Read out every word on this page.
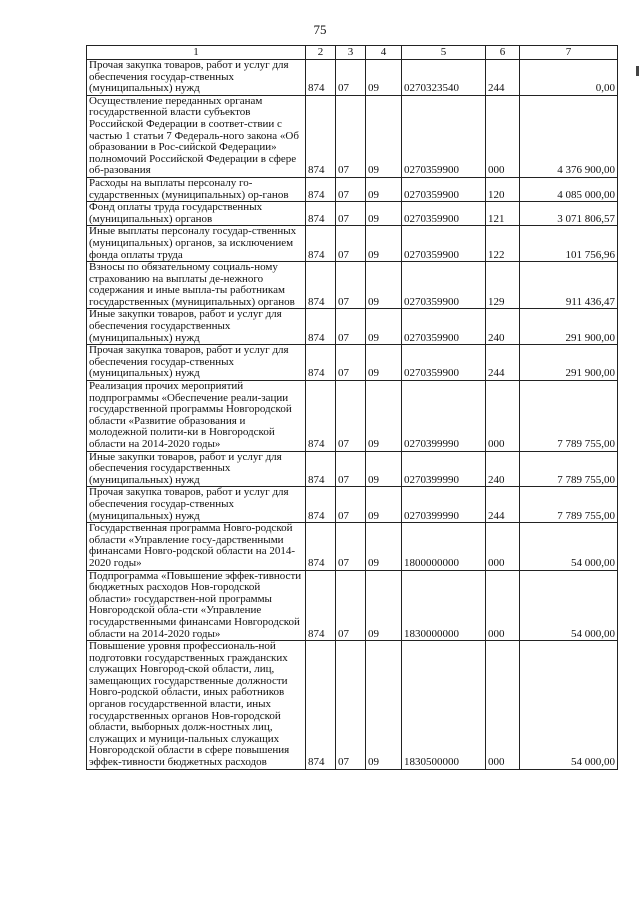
75
1	2	3	4	5	6	7
Прочая закупка товаров, работ и услуг для обеспечения государ-ственных (муниципальных) нужд	874	07	09	0270323540	244	0,00
Осуществление переданных органам государственной власти субъектов Российской Федерации в соответ-ствии с частью 1 статьи 7 Федераль-ного закона «Об образовании в Рос-сийской Федерации» полномочий Российской Федерации в сфере об-разования	874	07	09	0270359900	000	4 376 900,00
Расходы на выплаты персоналу го-сударственных (муниципальных) ор-ганов	874	07	09	0270359900	120	4 085 000,00
Фонд оплаты труда государственных (муниципальных) органов	874	07	09	0270359900	121	3 071 806,57
Иные выплаты персоналу государ-ственных (муниципальных) органов, за исключением фонда оплаты труда	874	07	09	0270359900	122	101 756,96
Взносы по обязательному социаль-ному страхованию на выплаты де-нежного содержания и иные выпла-ты работникам государственных (муниципальных) органов	874	07	09	0270359900	129	911 436,47
Иные закупки товаров, работ и услуг для обеспечения государственных (муниципальных) нужд	874	07	09	0270359900	240	291 900,00
Прочая закупка товаров, работ и услуг для обеспечения государ-ственных (муниципальных) нужд	874	07	09	0270359900	244	291 900,00
Реализация прочих мероприятий подпрограммы «Обеспечение реали-зации государственной программы Новгородской области «Развитие образования и молодежной полити-ки в Новгородской области на 2014-2020 годы»	874	07	09	0270399990	000	7 789 755,00
Иные закупки товаров, работ и услуг для обеспечения государственных (муниципальных) нужд	874	07	09	0270399990	240	7 789 755,00
Прочая закупка товаров, работ и услуг для обеспечения государ-ственных (муниципальных) нужд	874	07	09	0270399990	244	7 789 755,00
Государственная программа Новго-родской области «Управление госу-дарственными финансами Новго-родской области на 2014-2020 годы»	874	07	09	1800000000	000	54 000,00
Подпрограмма «Повышение эффек-тивности бюджетных расходов Нов-городской области» государствен-ной программы Новгородской обла-сти «Управление государственными финансами Новгородской области на 2014-2020 годы»	874	07	09	1830000000	000	54 000,00
Повышение уровня профессиональ-ной подготовки государственных гражданских служащих Новгород-ской области, лиц, замещающих государственные должности Новго-родской области, иных работников органов государственной власти, иных государственных органов Нов-городской области, выборных долж-ностных лиц, служащих и муници-пальных служащих Новгородской области в сфере повышения эффек-тивности бюджетных расходов	874	07	09	1830500000	000	54 000,00
